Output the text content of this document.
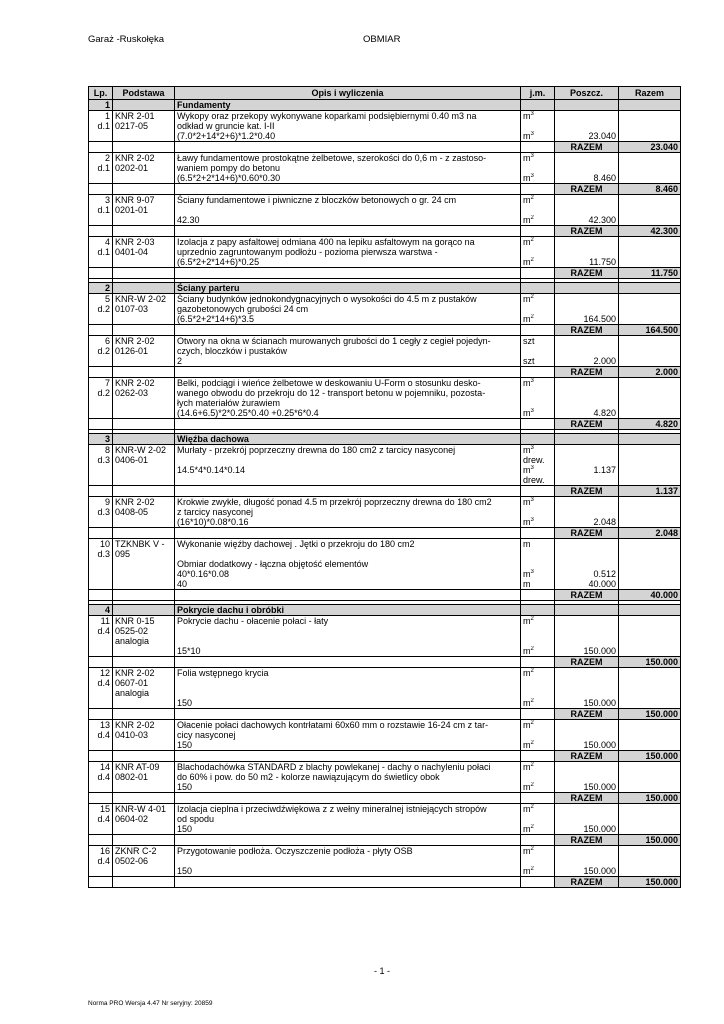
Garaż -Ruskołęka	OBMIAR
Lp.	Podstawa	Opis i wyliczenia	j.m.	Poszcz.	Razem
1		Fundamenty			
1	KNR 2-01	Wykopy oraz przekopy wykonywane koparkami podsiębiernymi 0.40 m3 na	$m^3$		
d.1	0217-05	odkład w gruncie kat. I-II			
		(7.0*2+14*2+6)*1.2*0.40	$m^3$	23.040	
				RAZEM	23.040
2	KNR 2-02	Ławy fundamentowe prostokątne żelbetowe, szerokości do 0,6 m - z zastoso-	$m^3$		
d.1	0202-01	waniem pompy do betonu			
		(6.5*2+2*14+6)*0.60*0.30	$m^3$	8.460	
				RAZEM	8.460
3	KNR 9-07	Ściany fundamentowe i piwniczne z bloczków betonowych o gr. 24 cm	$m^2$		
d.1	0201-01				
		42.30	$m^2$	42.300	
				RAZEM	42.300
4	KNR 2-03	Izolacja z papy asfaltowej odmiana 400 na lepiku asfaltowym na gorąco na	$m^2$		
d.1	0401-04	uprzednio zagruntowanym podłożu - pozioma pierwsza warstwa -			
		(6.5*2+2*14+6)*0.25	$m^2$	11.750	
				RAZEM	11.750

2		Ściany parteru			
5	KNR-W 2-02	Ściany budynków jednokondygnacyjnych o wysokości do 4.5 m z pustaków	$m^2$		
d.2	0107-03	gazobetonowych grubości 24 cm			
		(6.5*2+2*14+6)*3.5	$m^2$	164.500	
				RAZEM	164.500
6	KNR 2-02	Otwory na okna w ścianach murowanych grubości do 1 cegły z cegieł pojedyn-	szt		
d.2	0126-01	czych, bloczków i pustaków			
		2	szt	2.000	
				RAZEM	2.000
7	KNR 2-02	Belki, podciągi i wieńce żelbetowe w deskowaniu U-Form o stosunku desko-	$m^3$		
d.2	0262-03	wanego obwodu do przekroju do 12 - transport betonu w pojemniku, pozosta-			
		łych materiałów żurawiem			
		(14.6+6.5)*2*0.25*0.40 +0.25*6*0.4	$m^3$	4.820	
				RAZEM	4.820

3		Więźba dachowa			
8	KNR-W 2-02	Murłaty - przekrój poprzeczny drewna do 180 cm2 z tarcicy nasyconej	$m^3$		
d.3	0406-01		drew.		
		14.5*4*0.14*0.14	$m^3$	1.137	
			drew.		
				RAZEM	1.137
9	KNR 2-02	Krokwie zwykłe, długość ponad 4.5 m przekrój poprzeczny drewna do 180 cm2	$m^3$		
d.3	0408-05	z tarcicy nasyconej			
		(16*10)*0.08*0.16	$m^3$	2.048	
				RAZEM	2.048
10	TZKNBK V -	Wykonanie więźby dachowej . Jętki o przekroju do 180 cm2	m		
d.3	095				
		Obmiar dodatkowy - łączna objętość elementów			
		40*0.16*0.08	$m^3$	0.512	

		40	m	40.000	
				RAZEM	40.000

4		Pokrycie dachu i obróbki			
11	KNR 0-15	Pokrycie dachu - ołacenie połaci - łaty	$m^2$		
d.4	0525-02				
	analogia				
		15*10	$m^2$	150.000	
				RAZEM	150.000
12	KNR 2-02	Folia wstępnego krycia	$m^2$		
d.4	0607-01				
	analogia				
		150	$m^2$	150.000	
				RAZEM	150.000
13	KNR 2-02	Ołacenie połaci dachowych kontrłatami 60x60 mm o rozstawie 16-24 cm z tar-	$m^2$		
d.4	0410-03	cicy nasyconej			
		150	$m^2$	150.000	
				RAZEM	150.000
14	KNR AT-09	Blachodachówka STANDARD z blachy powlekanej - dachy o nachyleniu połaci	$m^2$		
d.4	0802-01	do 60% i pow. do 50 m2 - kolorze nawiązującym do świetlicy obok			
		150	$m^2$	150.000	
				RAZEM	150.000
15	KNR-W 4-01	Izolacja cieplna i przeciwdźwiękowa z z wełny mineralnej istniejących stropów	$m^2$		
d.4	0604-02	od spodu			
		150	$m^2$	150.000	
				RAZEM	150.000
16	ZKNR C-2	Przygotowanie podłoża. Oczyszczenie podłoża - płyty OSB	$m^2$		
d.4	0502-06				
		150	$m^2$	150.000	
				RAZEM	150.000
- 1 -
Norma PRO Wersja 4.47 Nr seryjny: 20859
